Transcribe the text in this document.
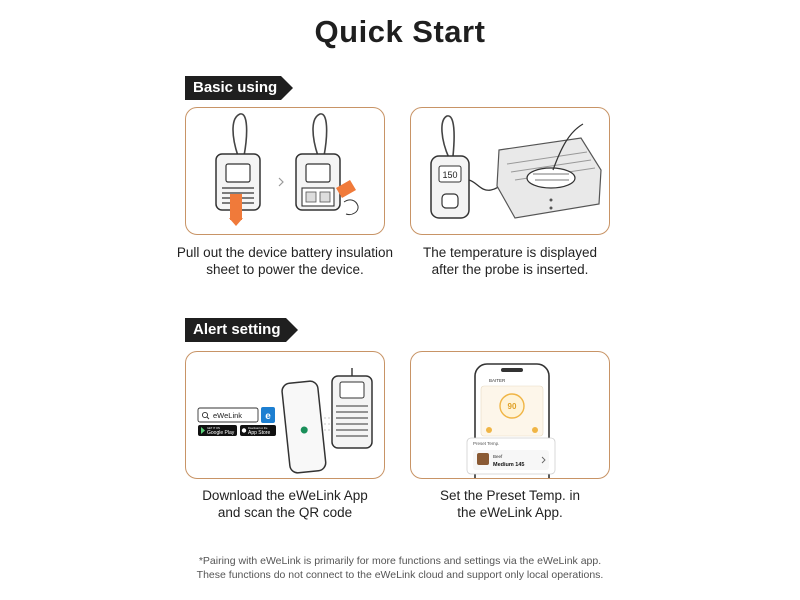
Quick Start
Basic using
150
Pull out the device battery insulation
sheet to power the device.
The temperature is displayed
after the probe is inserted.
Alert setting
eWeLink e
GET IT ON
Google Play
Download on the
App Store
BAITER
90
Preset Temp.
Beef
Medium 145
Download the eWeLink App
and scan the QR code
Set the Preset Temp. in
the eWeLink App.
*Pairing with eWeLink is primarily for more functions and settings via the eWeLink app.
These functions do not connect to the eWeLink cloud and support only local operations.
